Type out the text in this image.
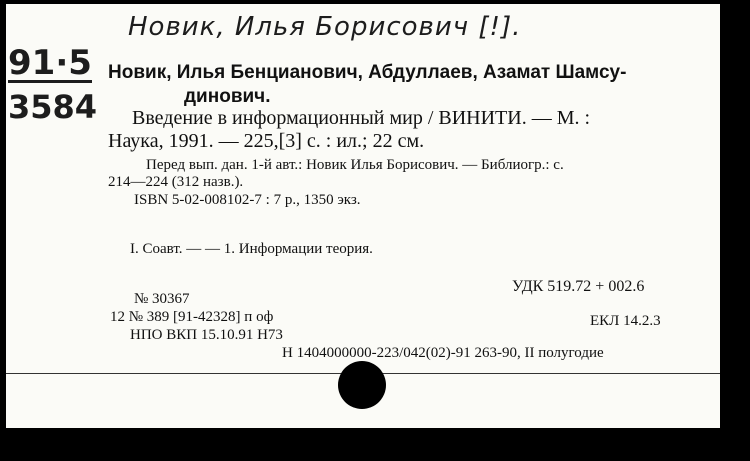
Новик, Илья Борисович [!].
91·5
3584
Новик, Илья Бенцианович, Абдуллаев, Азамат Шамсу-
динович.
Введение в информационный мир / ВИНИТИ. — М. :
Наука, 1991. — 225,[3] с. : ил.; 22 см.
Перед вып. дан. 1-й авт.: Новик Илья Борисович. — Библиогр.: с.
214—224 (312 назв.).
ISBN 5-02-008102-7 : 7 р., 1350 экз.
I. Соавт. — — 1. Информации теория.
УДК 519.72 + 002.6
№ 30367
12 № 389 [91-42328] п оф	ЕКЛ 14.2.3
НПО ВКП 15.10.91 Н73
Н 1404000000-223/042(02)-91 263-90, II полугодие
